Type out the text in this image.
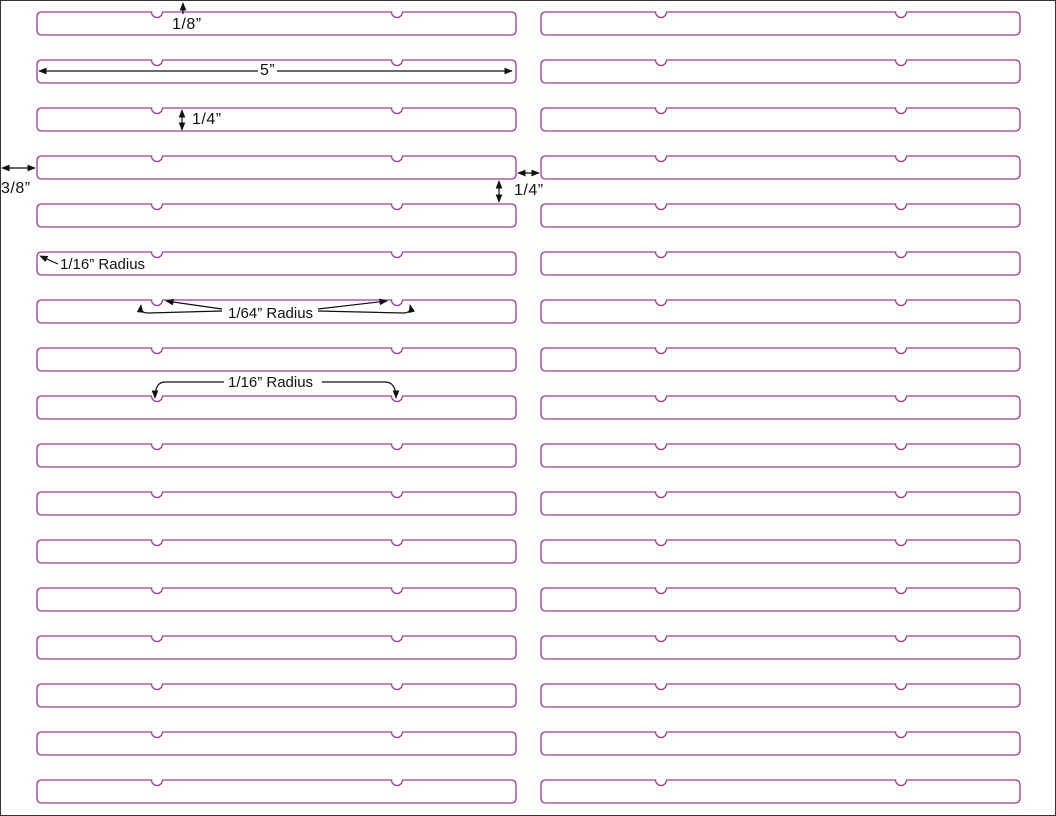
1/8”
5”
1/4”
3/8”	1/4”
1/16” Radius
1/64” Radius
1/16” Radius
